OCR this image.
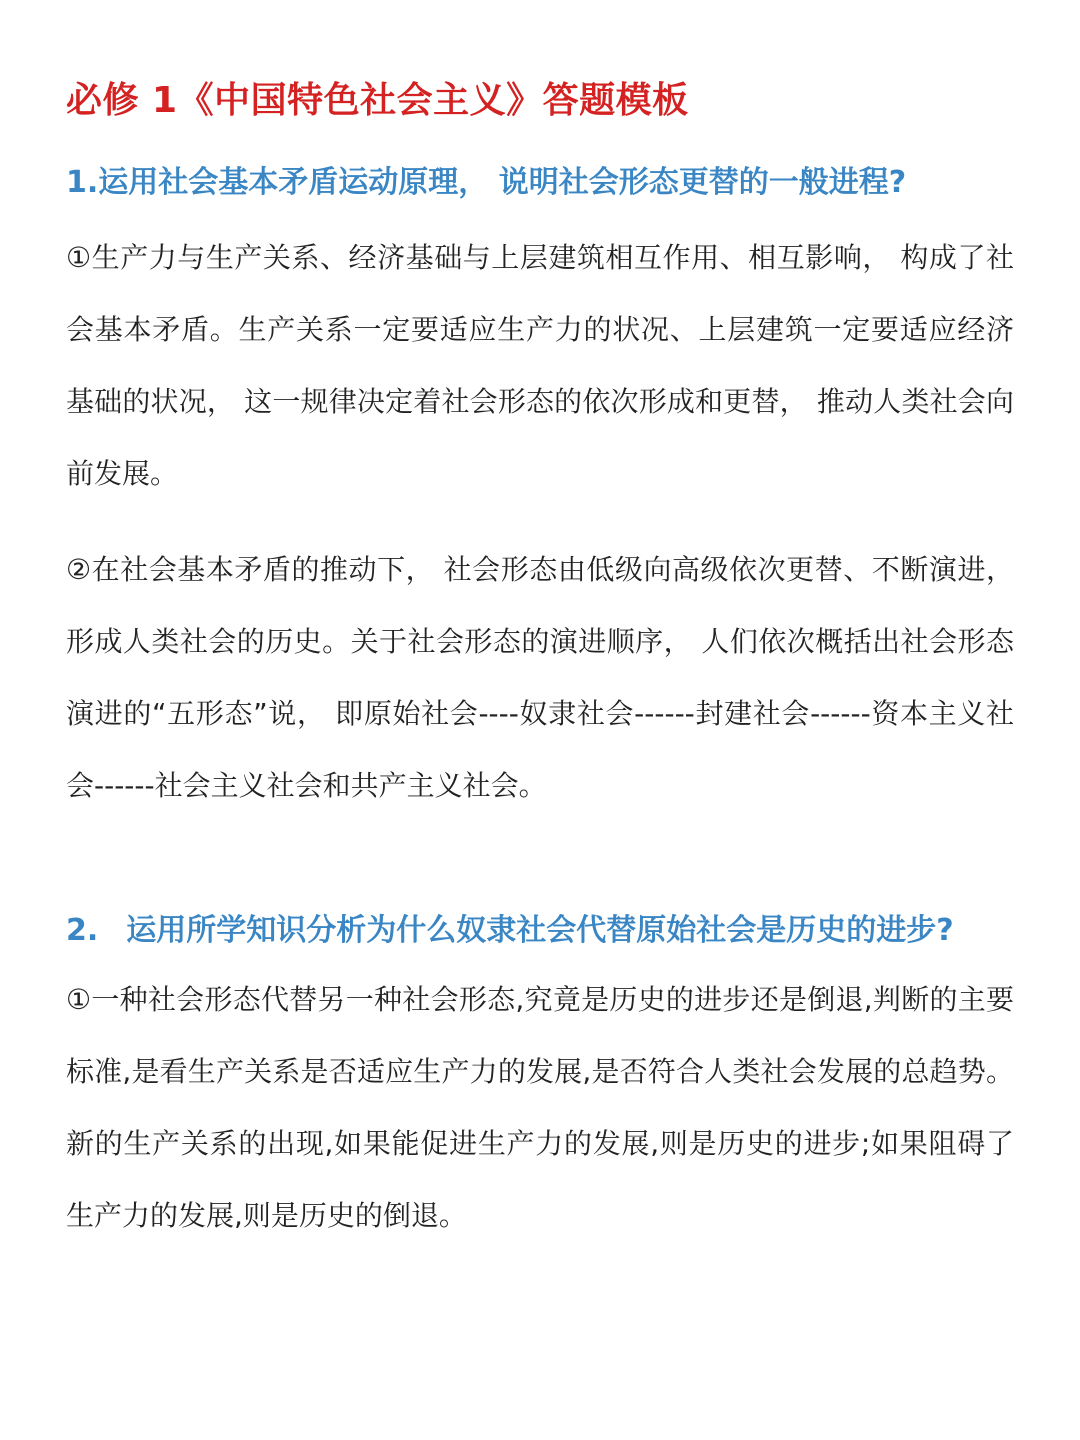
必修 1《中国特色社会主义》答题模板
1.运用社会基本矛盾运动原理， 说明社会形态更替的一般进程?

①生产力与生产关系、经济基础与上层建筑相互作用、相互影响， 构成了社会基本矛盾。生产关系一定要适应生产力的状况、上层建筑一定要适应经济基础的状况， 这一规律决定着社会形态的依次形成和更替， 推动人类社会向前发展。

②在社会基本矛盾的推动下， 社会形态由低级向高级依次更替、不断演进，形成人类社会的历史。关于社会形态的演进顺序， 人们依次概括出社会形态演进的“五形态”说， 即原始社会----奴隶社会------封建社会------资本主义社会------社会主义社会和共产主义社会。

2. 运用所学知识分析为什么奴隶社会代替原始社会是历史的进步?

①一种社会形态代替另一种社会形态,究竟是历史的进步还是倒退,判断的主要标准,是看生产关系是否适应生产力的发展,是否符合人类社会发展的总趋势。新的生产关系的出现,如果能促进生产力的发展,则是历史的进步;如果阻碍了生产力的发展,则是历史的倒退。
